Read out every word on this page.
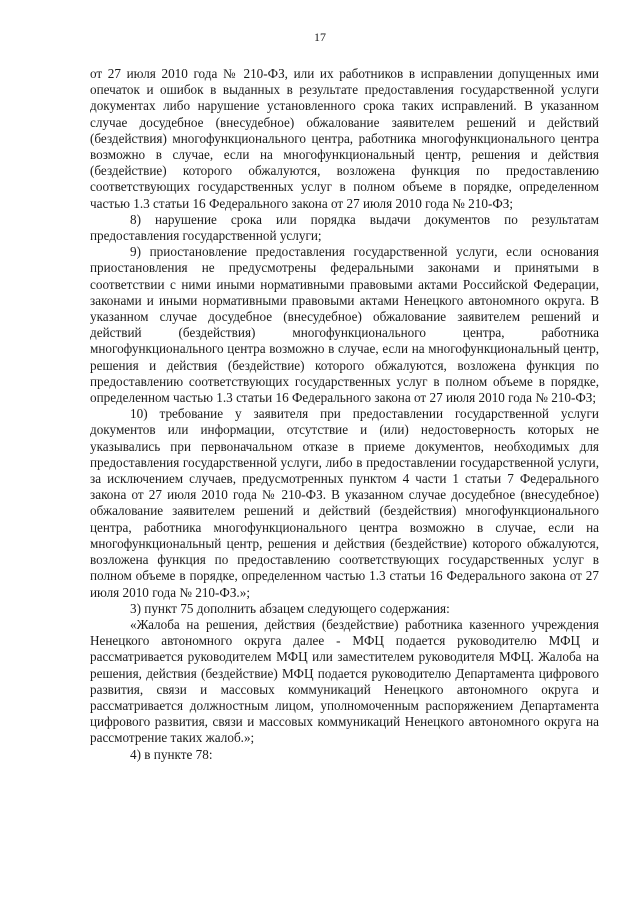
17

от 27 июля 2010 года № 210-ФЗ, или их работников в исправлении допущенных ими опечаток и ошибок в выданных в результате предоставления государственной услуги документах либо нарушение установленного срока таких исправлений. В указанном случае досудебное (внесудебное) обжалование заявителем решений и действий (бездействия) многофункционального центра, работника многофункционального центра возможно в случае, если на многофункциональный центр, решения и действия (бездействие) которого обжалуются, возложена функция по предоставлению соответствующих государственных услуг в полном объеме в порядке, определенном частью 1.3 статьи 16 Федерального закона от 27 июля 2010 года № 210-ФЗ;

8) нарушение срока или порядка выдачи документов по результатам предоставления государственной услуги;

9) приостановление предоставления государственной услуги, если основания приостановления не предусмотрены федеральными законами и принятыми в соответствии с ними иными нормативными правовыми актами Российской Федерации, законами и иными нормативными правовыми актами Ненецкого автономного округа. В указанном случае досудебное (внесудебное) обжалование заявителем решений и действий (бездействия) многофункционального центра, работника многофункционального центра возможно в случае, если на многофункциональный центр, решения и действия (бездействие) которого обжалуются, возложена функция по предоставлению соответствующих государственных услуг в полном объеме в порядке, определенном частью 1.3 статьи 16 Федерального закона от 27 июля 2010 года № 210-ФЗ;

10) требование у заявителя при предоставлении государственной услуги документов или информации, отсутствие и (или) недостоверность которых не указывались при первоначальном отказе в приеме документов, необходимых для предоставления государственной услуги, либо в предоставлении государственной услуги, за исключением случаев, предусмотренных пунктом 4 части 1 статьи 7 Федерального закона от 27 июля 2010 года № 210-ФЗ. В указанном случае досудебное (внесудебное) обжалование заявителем решений и действий (бездействия) многофункционального центра, работника многофункционального центра возможно в случае, если на многофункциональный центр, решения и действия (бездействие) которого обжалуются, возложена функция по предоставлению соответствующих государственных услуг в полном объеме в порядке, определенном частью 1.3 статьи 16 Федерального закона от 27 июля 2010 года № 210-ФЗ.»;

3) пункт 75 дополнить абзацем следующего содержания:

«Жалоба на решения, действия (бездействие) работника казенного учреждения Ненецкого автономного округа далее - МФЦ подается руководителю МФЦ и рассматривается руководителем МФЦ или заместителем руководителя МФЦ. Жалоба на решения, действия (бездействие) МФЦ подается руководителю Департамента цифрового развития, связи и массовых коммуникаций Ненецкого автономного округа и рассматривается должностным лицом, уполномоченным распоряжением Департамента цифрового развития, связи и массовых коммуникаций Ненецкого автономного округа на рассмотрение таких жалоб.»;

4) в пункте 78:
